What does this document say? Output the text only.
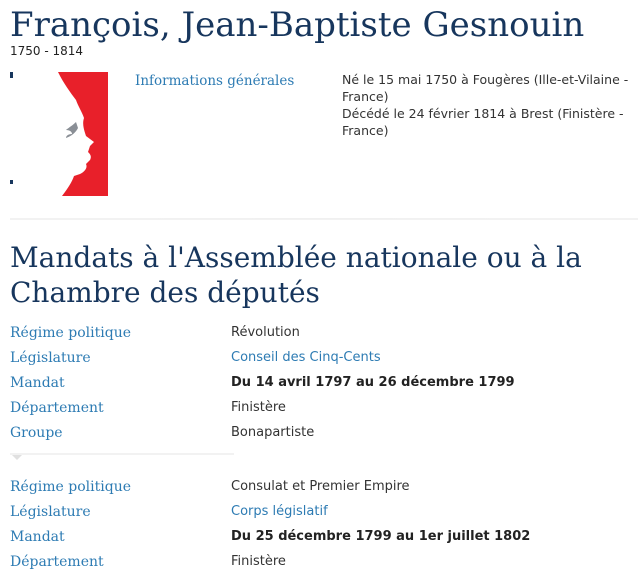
François, Jean-Baptiste Gesnouin
1750 - 1814
Informations générales	Né le 15 mai 1750 à Fougères (Ille-et-Vilaine - France)
Décédé le 24 février 1814 à Brest (Finistère - France)
Mandats à l'Assemblée nationale ou à la Chambre des députés
Régime politique	Révolution
Législature	Conseil des Cinq-Cents
Mandat	Du 14 avril 1797 au 26 décembre 1799
Département	Finistère
Groupe	Bonapartiste
Régime politique	Consulat et Premier Empire
Législature	Corps législatif
Mandat	Du 25 décembre 1799 au 1er juillet 1802
Département	Finistère
